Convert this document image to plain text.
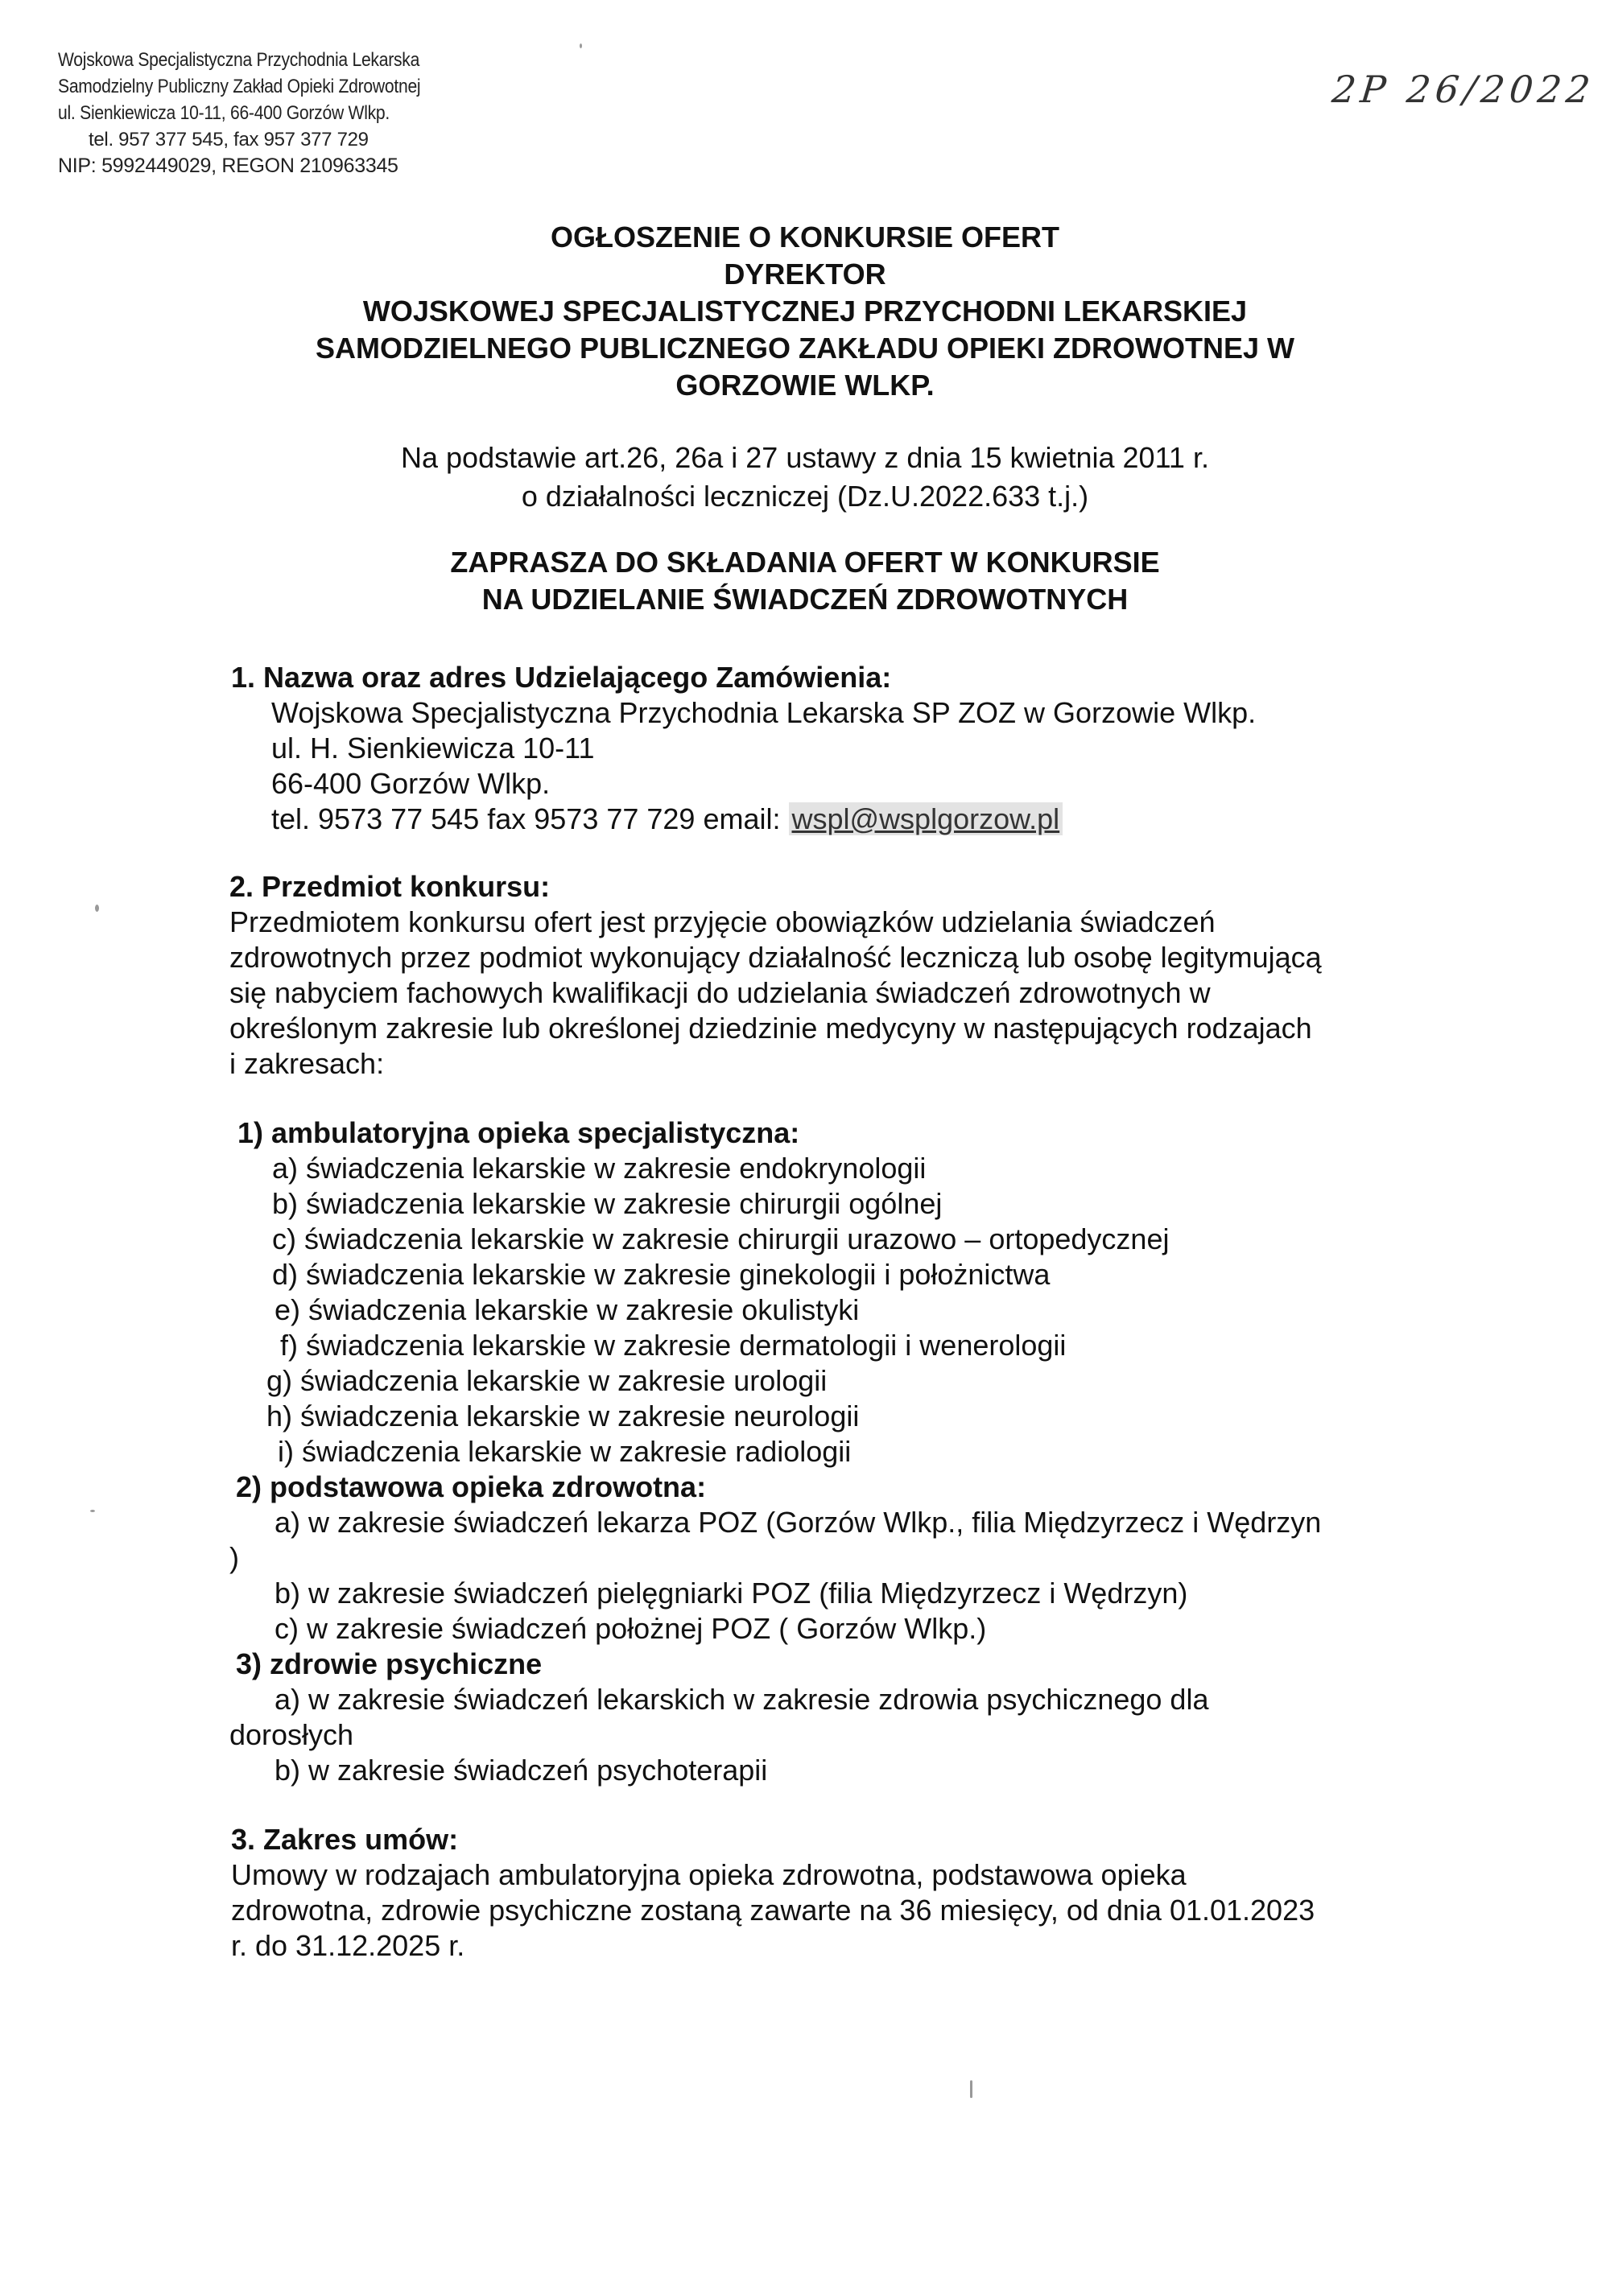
Wojskowa Specjalistyczna Przychodnia Lekarska
Samodzielny Publiczny Zakład Opieki Zdrowotnej
ul. Sienkiewicza 10-11, 66-400 Gorzów Wlkp.
tel. 957 377 545, fax 957 377 729
NIP: 5992449029, REGON 210963345
2P 26/2022
OGŁOSZENIE O KONKURSIE OFERT
DYREKTOR
WOJSKOWEJ SPECJALISTYCZNEJ PRZYCHODNI LEKARSKIEJ
SAMODZIELNEGO PUBLICZNEGO ZAKŁADU OPIEKI ZDROWOTNEJ W
GORZOWIE WLKP.
Na podstawie art.26, 26a i 27 ustawy z dnia 15 kwietnia 2011 r.
o działalności leczniczej (Dz.U.2022.633 t.j.)
ZAPRASZA DO SKŁADANIA OFERT W KONKURSIE
NA UDZIELANIE ŚWIADCZEŃ ZDROWOTNYCH
1. Nazwa oraz adres Udzielającego Zamówienia:
Wojskowa Specjalistyczna Przychodnia Lekarska SP ZOZ w Gorzowie Wlkp.
ul. H. Sienkiewicza 10-11
66-400 Gorzów Wlkp.
tel. 9573 77 545 fax 9573 77 729 email: wspl@wsplgorzow.pl
2. Przedmiot konkursu:
Przedmiotem konkursu ofert jest przyjęcie obowiązków udzielania świadczeń
zdrowotnych przez podmiot wykonujący działalność leczniczą lub osobę legitymującą
się nabyciem fachowych kwalifikacji do udzielania świadczeń zdrowotnych w
określonym zakresie lub określonej dziedzinie medycyny w następujących rodzajach
i zakresach:
1) ambulatoryjna opieka specjalistyczna:
a) świadczenia lekarskie w zakresie endokrynologii
b) świadczenia lekarskie w zakresie chirurgii ogólnej
c) świadczenia lekarskie w zakresie chirurgii urazowo – ortopedycznej
d) świadczenia lekarskie w zakresie ginekologii i położnictwa
e) świadczenia lekarskie w zakresie okulistyki
f) świadczenia lekarskie w zakresie dermatologii i wenerologii
g) świadczenia lekarskie w zakresie urologii
h) świadczenia lekarskie w zakresie neurologii
i) świadczenia lekarskie w zakresie radiologii
2) podstawowa opieka zdrowotna:
a) w zakresie świadczeń lekarza POZ (Gorzów Wlkp., filia Międzyrzecz i Wędrzyn
)
b) w zakresie świadczeń pielęgniarki POZ (filia Międzyrzecz i Wędrzyn)
c) w zakresie świadczeń położnej POZ ( Gorzów Wlkp.)
3) zdrowie psychiczne
a) w zakresie świadczeń lekarskich w zakresie zdrowia psychicznego dla
dorosłych
b) w zakresie świadczeń psychoterapii
3. Zakres umów:
Umowy w rodzajach ambulatoryjna opieka zdrowotna, podstawowa opieka
zdrowotna, zdrowie psychiczne zostaną zawarte na 36 miesięcy, od dnia 01.01.2023
r. do 31.12.2025 r.
